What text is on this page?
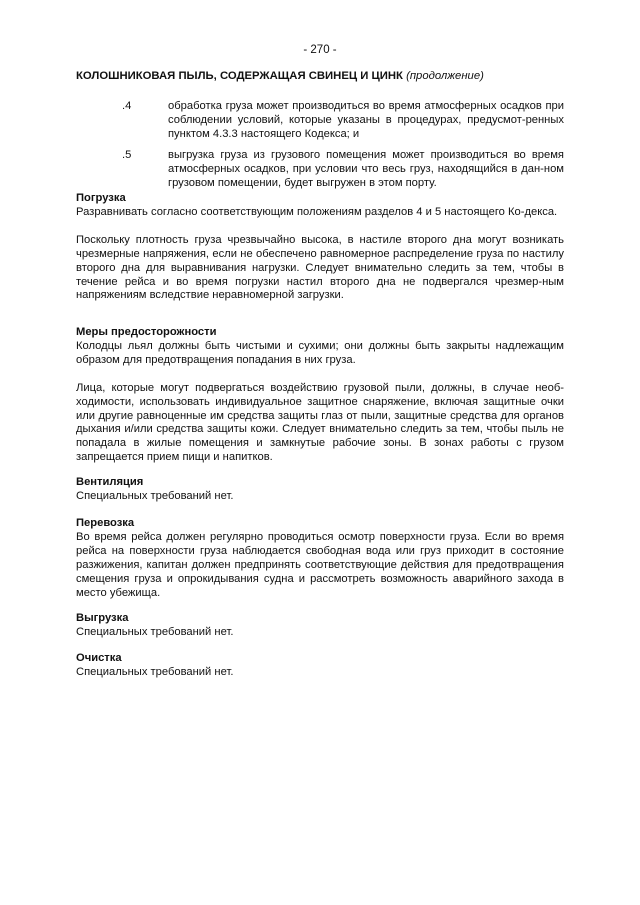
- 270 -
КОЛОШНИКОВАЯ ПЫЛЬ, СОДЕРЖАЩАЯ СВИНЕЦ И ЦИНК (продолжение)
.4	обработка груза может производиться во время атмосферных осадков при соблюдении условий, которые указаны в процедурах, предусмот-ренных пунктом 4.3.3 настоящего Кодекса; и
.5	выгрузка груза из грузового помещения может производиться во время атмосферных осадков, при условии что весь груз, находящийся в дан-ном грузовом помещении, будет выгружен в этом порту.
Погрузка
Разравнивать согласно соответствующим положениям разделов 4 и 5 настоящего Ко-декса.
Поскольку плотность груза чрезвычайно высока, в настиле второго дна могут возникать чрезмерные напряжения, если не обеспечено равномерное распределение груза по настилу второго дна для выравнивания нагрузки. Следует внимательно следить за тем, чтобы в течение рейса и во время погрузки настил второго дна не подвергался чрезмер-ным напряжениям вследствие неравномерной загрузки.
Меры предосторожности
Колодцы льял должны быть чистыми и сухими; они должны быть закрыты надлежащим образом для предотвращения попадания в них груза.
Лица, которые могут подвергаться воздействию грузовой пыли, должны, в случае необ-ходимости, использовать индивидуальное защитное снаряжение, включая защитные очки или другие равноценные им средства защиты глаз от пыли, защитные средства для органов дыхания и/или средства защиты кожи. Следует внимательно следить за тем, чтобы пыль не попадала в жилые помещения и замкнутые рабочие зоны. В зонах работы с грузом запрещается прием пищи и напитков.
Вентиляция
Специальных требований нет.
Перевозка
Во время рейса должен регулярно проводиться осмотр поверхности груза. Если во время рейса на поверхности груза наблюдается свободная вода или груз приходит в состояние разжижения, капитан должен предпринять соответствующие действия для предотвращения смещения груза и опрокидывания судна и рассмотреть возможность аварийного захода в место убежища.
Выгрузка
Специальных требований нет.
Очистка
Специальных требований нет.
